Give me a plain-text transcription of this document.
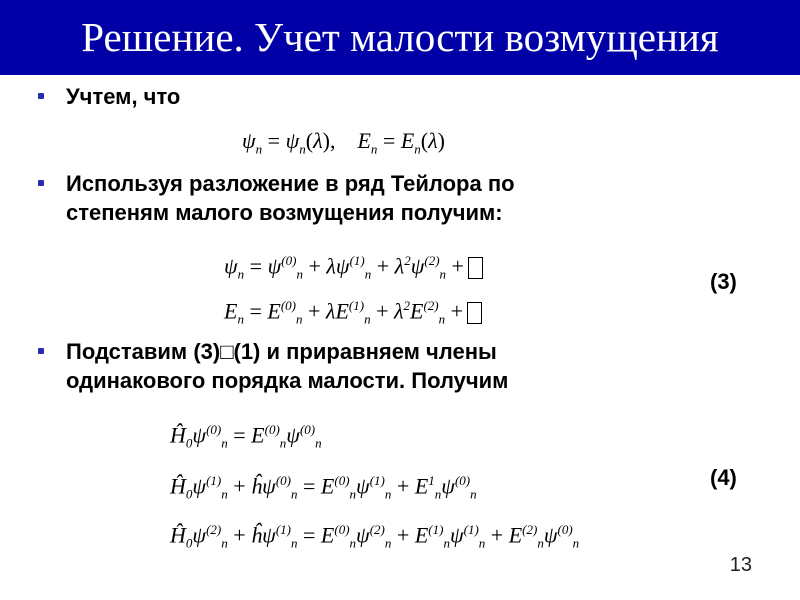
Решение. Учет малости возмущения
Учтем, что
$\psi_n = \psi_n(\lambda)$,    $E_n = E_n(\lambda)$
Используя разложение в ряд Тейлора по
степеням малого возмущения получим:
$\psi_n = \psi^{(0)}_n + \lambda\psi^{(1)}_n + \lambda^2\psi^{(2)}_n$ +
$E_n = E^{(0)}_n + \lambda E^{(1)}_n + \lambda^2E^{(2)}_n$ +
(3)
Подставим (3)□(1) и приравняем члены
одинакового порядка малости. Получим
$Ĥ_0\psi^{(0)}_n = E^{(0)}_n\psi^{(0)}_n$
$Ĥ_0\psi^{(1)}_n$ + $ĥ\psi^{(0)}_n = E^{(0)}_n\psi^{(1)}_n + E^1_n\psi^{(0)}_n$
$Ĥ_0\psi^{(2)}_n$ + $ĥ\psi^{(1)}_n = E^{(0)}_n\psi^{(2)}_n + E^{(1)}_n\psi^{(1)}_n + E^{(2)}_n\psi^{(0)}_n$
(4)
13
